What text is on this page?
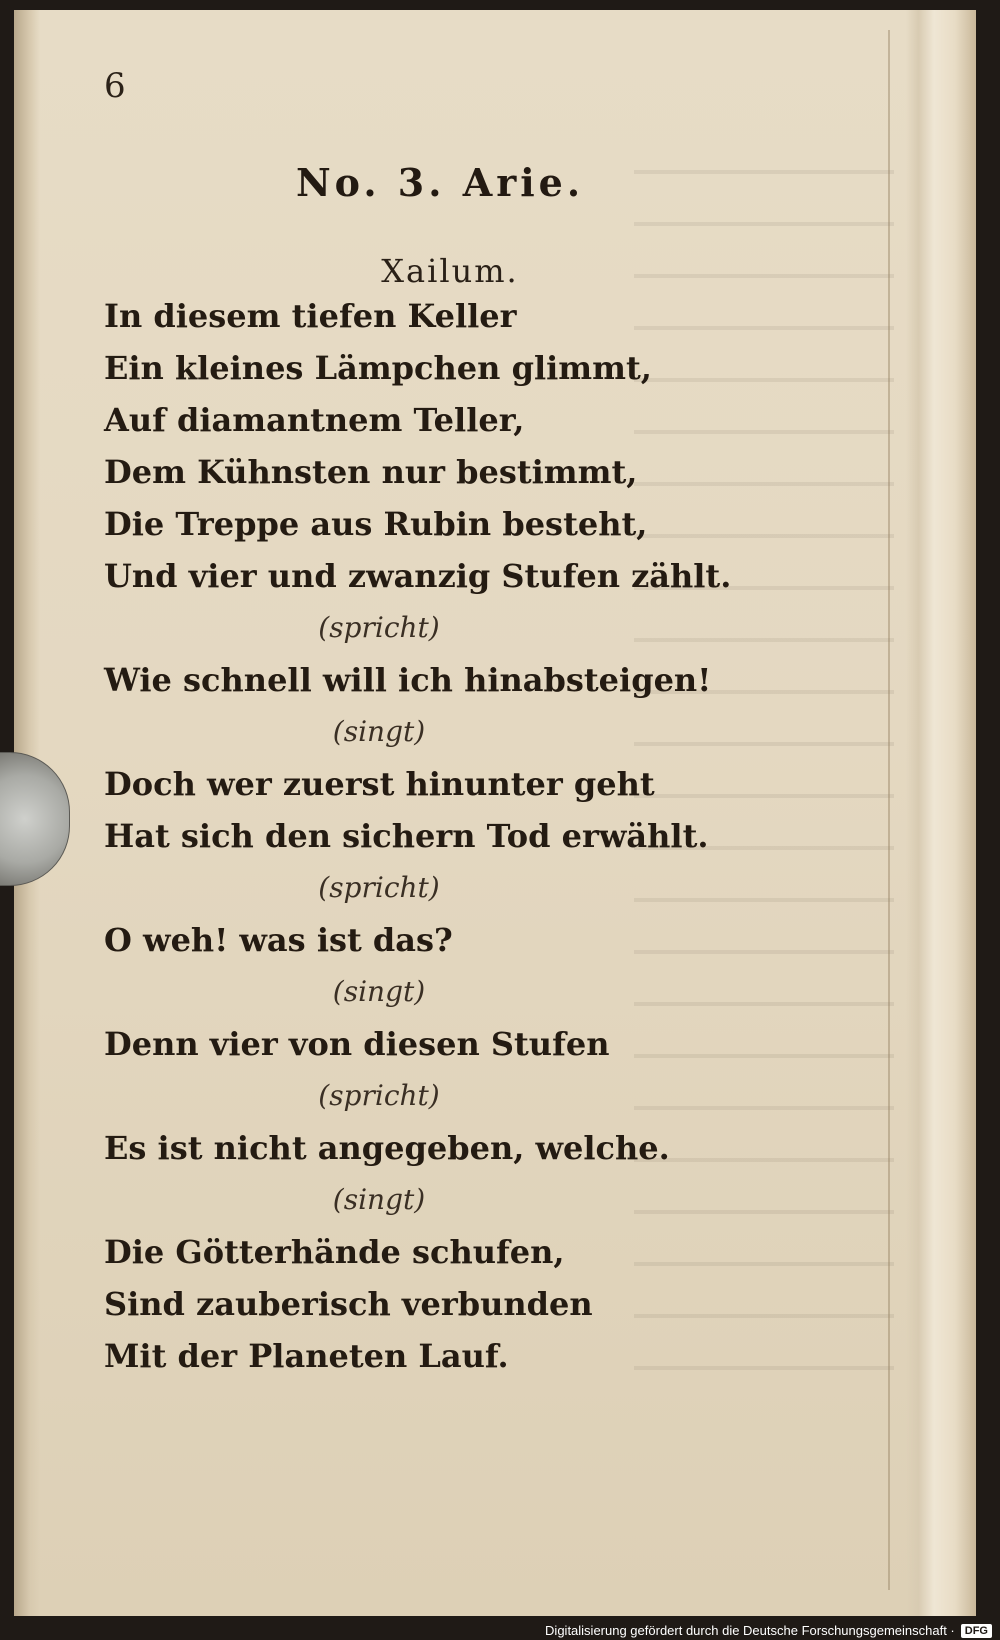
6
No. 3. Arie.
Xailum.
In diesem tiefen Keller
Ein kleines Lämpchen glimmt,
Auf diamantnem Teller,
Dem Kühnsten nur bestimmt,
Die Treppe aus Rubin besteht,
Und vier und zwanzig Stufen zählt.
(spricht)
Wie schnell will ich hinabsteigen!
(singt)
Doch wer zuerst hinunter geht
Hat sich den sichern Tod erwählt.
(spricht)
O weh! was ist das?
(singt)
Denn vier von diesen Stufen
(spricht)
Es ist nicht angegeben, welche.
(singt)
Die Götterhände schufen,
Sind zauberisch verbunden
Mit der Planeten Lauf.
Digitalisierung gefördert durch die Deutsche Forschungsgemeinschaft · DFG
